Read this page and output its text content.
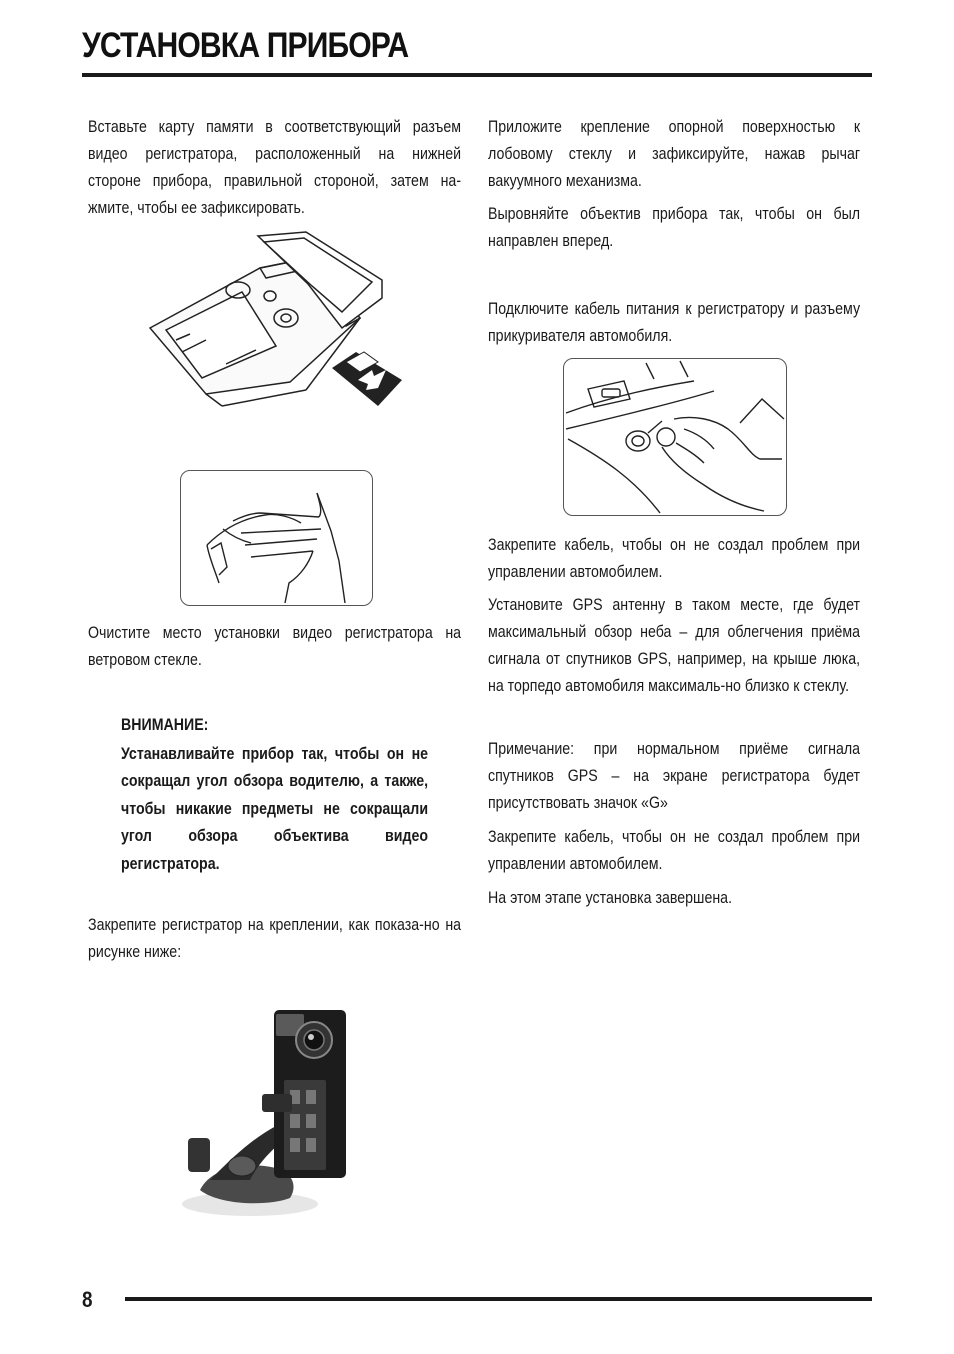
УСТАНОВКА ПРИБОРА
Вставьте карту памяти в соответствующий разъем видео регистратора, расположенный на нижней стороне прибора, правильной стороной, затем на-жмите, чтобы ее зафиксировать.
Очистите место установки видео регистратора на ветровом стекле.
ВНИМАНИЕ:
Устанавливайте прибор так, чтобы он не сокращал угол обзора водителю, а также, чтобы никакие предметы не сокращали угол обзора объектива видео регистратора.
Закрепите регистратор на креплении, как показа-но на рисунке ниже:
Приложите крепление опорной поверхностью к лобовому стеклу и зафиксируйте, нажав рычаг вакуумного механизма.
Выровняйте объектив прибора так, чтобы он был направлен вперед.
Подключите кабель питания к регистратору и разъему прикуривателя автомобиля.
Закрепите кабель, чтобы он не создал проблем при управлении автомобилем.
Установите GPS антенну в таком месте, где будет максимальный обзор неба – для облегчения приёма сигнала от спутников GPS, например, на крыше люка, на торпедо автомобиля максималь-но близко к стеклу.
Примечание: при нормальном приёме сигнала спутников GPS – на экране регистратора будет присутствовать значок «G»
Закрепите кабель, чтобы он не создал проблем при управлении автомобилем.
На этом этапе установка завершена.
8
